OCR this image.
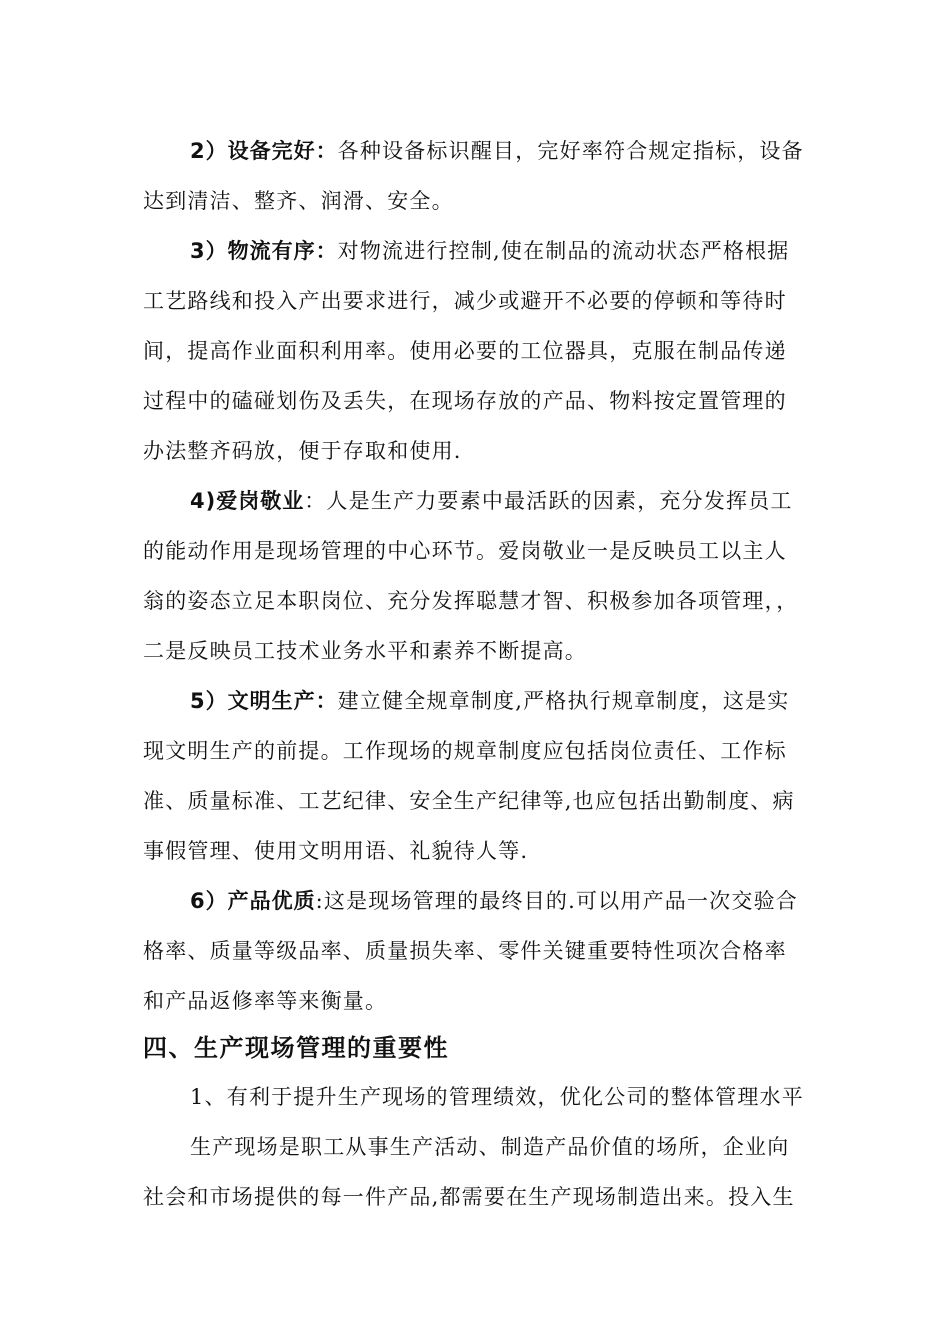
2）设备完好：各种设备标识醒目，完好率符合规定指标，设备
达到清洁、整齐、润滑、安全。
3）物流有序：对物流进行控制,使在制品的流动状态严格根据
工艺路线和投入产出要求进行，减少或避开不必要的停顿和等待时
间，提高作业面积利用率。使用必要的工位器具，克服在制品传递
过程中的磕碰划伤及丢失，在现场存放的产品、物料按定置管理的
办法整齐码放，便于存取和使用.
4)爱岗敬业：人是生产力要素中最活跃的因素，充分发挥员工
的能动作用是现场管理的中心环节。爱岗敬业一是反映员工以主人
翁的姿态立足本职岗位、充分发挥聪慧才智、积极参加各项管理，，
二是反映员工技术业务水平和素养不断提高。
5）文明生产：建立健全规章制度,严格执行规章制度，这是实
现文明生产的前提。工作现场的规章制度应包括岗位责任、工作标
准、质量标准、工艺纪律、安全生产纪律等,也应包括出勤制度、病
事假管理、使用文明用语、礼貌待人等.
6）产品优质:这是现场管理的最终目的.可以用产品一次交验合
格率、质量等级品率、质量损失率、零件关键重要特性项次合格率
和产品返修率等来衡量。
四、生产现场管理的重要性
1、有利于提升生产现场的管理绩效，优化公司的整体管理水平
生产现场是职工从事生产活动、制造产品价值的场所，企业向
社会和市场提供的每一件产品,都需要在生产现场制造出来。投入生
